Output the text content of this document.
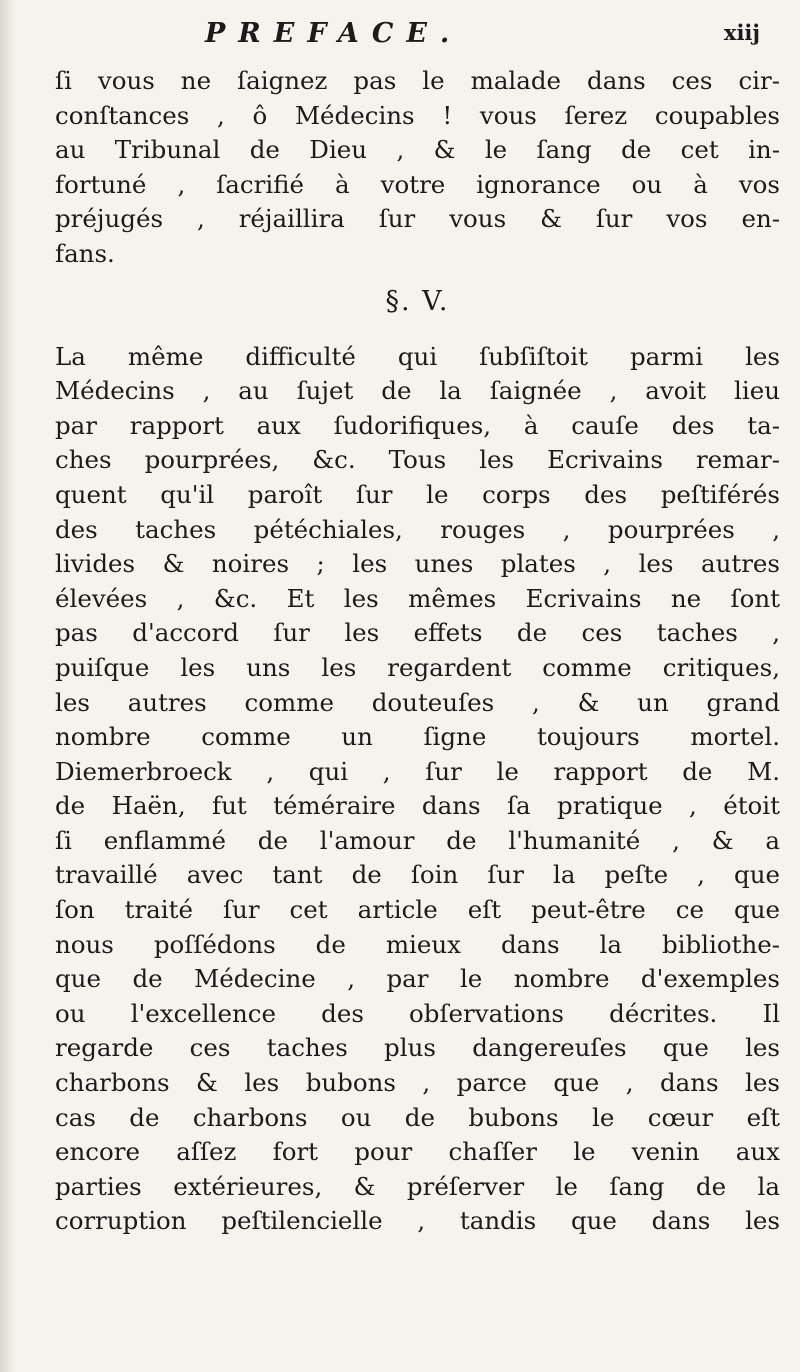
PREFACE.	xiij
ſi vous ne ſaignez pas le malade dans ces cir-
conſtances , ô Médecins ! vous ſerez coupables
au Tribunal de Dieu , & le ſang de cet in-
fortuné , ſacrifié à votre ignorance ou à vos
préjugés , réjaillira ſur vous & ſur vos en-
fans.
§. V.
La même difficulté qui ſubſiſtoit parmi les
Médecins , au ſujet de la ſaignée , avoit lieu
par rapport aux ſudorifiques, à cauſe des ta-
ches pourprées, &c. Tous les Ecrivains remar-
quent qu'il paroît ſur le corps des peſtiférés
des taches pétéchiales, rouges , pourprées ,
livides & noires ; les unes plates , les autres
élevées , &c. Et les mêmes Ecrivains ne ſont
pas d'accord ſur les effets de ces taches ,
puiſque les uns les regardent comme critiques,
les autres comme douteuſes , & un grand
nombre comme un ſigne toujours mortel.
Diemerbroeck , qui , ſur le rapport de M.
de Haën, fut téméraire dans ſa pratique , étoit
ſi enflammé de l'amour de l'humanité , & a
travaillé avec tant de ſoin ſur la peſte , que
ſon traité ſur cet article eſt peut-être ce que
nous poſſédons de mieux dans la bibliothe-
que de Médecine , par le nombre d'exemples
ou l'excellence des obſervations décrites. Il
regarde ces taches plus dangereuſes que les
charbons & les bubons , parce que , dans les
cas de charbons ou de bubons le cœur eſt
encore aſſez fort pour chaſſer le venin aux
parties extérieures, & préſerver le ſang de la
corruption peſtilencielle , tandis que dans les
